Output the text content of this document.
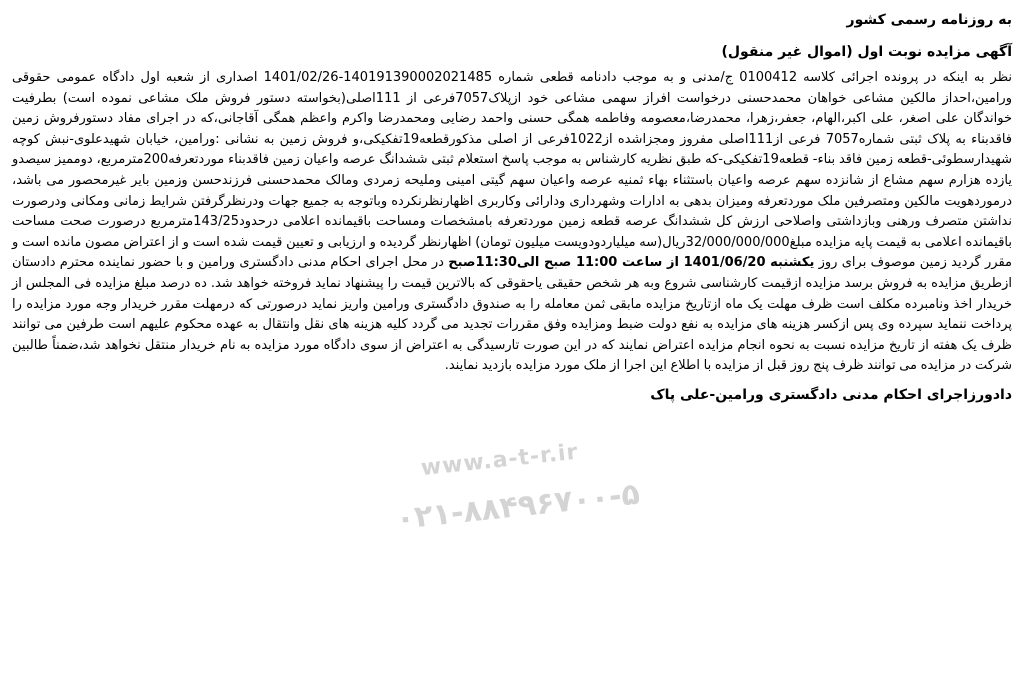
به روزنامه رسمی کشور
آگهی مزایده نوبت اول (اموال غیر منقول)
نظر به اینکه در پرونده اجرائی کلاسه 0100412 ج/مدنی و به موجب دادنامه قطعی شماره 140191390002021485-1401/02/26 اصداری از شعبه اول دادگاه عمومی حقوقی ورامین،احداز مالکین مشاعی خواهان محمدحسنی درخواست افراز سهمی مشاعی خود ازپلاک7057فرعی از 111اصلی(بخواسته دستور فروش ملک مشاعی نموده است) بطرفیت خواندگان علی اصغر، علی اکبر،الهام، جعفر،زهرا، محمدرضا،معصومه وفاطمه همگی حسنی واحمد رضایی ومحمدرضا واکرم واعظم همگی آقاجانی،که در اجرای مفاد دستورفروش زمین فاقدبناء به پلاک ثبتی شماره7057 فرعی از111اصلی مفروز ومجزاشده از1022فرعی از اصلی مذکورقطعه19تفکیکی،و فروش زمین به نشانی :ورامین، خیابان شهیدعلوی-نبش کوچه شهیدارسطوئی-قطعه زمین فاقد بناء- قطعه19تفکیکی-که طبق نظریه کارشناس به موجب پاسخ استعلام ثبتی ششدانگ عرصه واعیان زمین فاقدبناء موردتعرفه200مترمربع، دوممیز سیصدو یازده هزارم سهم مشاع از شانزده سهم عرصه واعیان باستثناء بهاء ثمنیه عرصه واعیان سهم گیتی امینی وملیحه زمردی ومالک محمدحسنی فرزندحسن وزمین بایر غیرمحصور می باشد، درموردهویت مالکین ومتصرفین ملک موردتعرفه ومیزان بدهی به ادارات وشهرداری ودارائی وکاربری اظهارنظرنکرده وباتوجه به جمیع جهات ودرنظرگرفتن شرایط زمانی ومکانی ودرصورت نداشتن متصرف ورهنی وبازداشتی واصلاحی ارزش کل ششدانگ عرصه قطعه زمین موردتعرفه بامشخصات ومساحت باقیمانده اعلامی درحدود143/25مترمربع درصورت صحت مساحت باقیمانده اعلامی به قیمت پایه مزایده مبلغ32/000/000/000ریال(سه میلیاردودویست میلیون تومان) اظهارنظر گردیده و ارزیابی و تعیین قیمت شده است و از اعتراض مصون مانده است و مقرر گردید زمین موصوف برای روز یکشنبه 1401/06/20 از ساعت 11:00 صبح الی11:30صبح در محل اجرای احکام مدنی دادگستری ورامین و با حضور نماینده محترم دادستان ازطریق مزایده به فروش برسد مزایده ازقیمت کارشناسی شروع وبه هر شخص حقیقی یاحقوقی که بالاترین قیمت را پیشنهاد نماید فروخته خواهد شد. ده درصد مبلغ مزایده فی المجلس از خریدار اخذ ونامبرده مکلف است ظرف مهلت یک ماه ازتاریخ مزایده مابقی ثمن معامله را به صندوق دادگستری ورامین واریز نماید درصورتی که درمهلت مقرر خریدار وجه مورد مزایده را پرداخت ننماید سپرده وی پس ازکسر هزینه های مزایده به نفع دولت ضبط ومزایده وفق مقررات تجدید می گردد کلیه هزینه های نقل وانتقال به عهده محکوم علیهم است طرفین می توانند ظرف یک هفته از تاریخ مزایده نسبت به نحوه انجام مزایده اعتراض نمایند که در این صورت تارسیدگی به اعتراض از سوی دادگاه مورد مزایده به نام خریدار منتقل نخواهد شد،ضمناً طالبین شرکت در مزایده می توانند ظرف پنج روز قبل از مزایده با اطلاع این اجرا از ملک مورد مزایده بازدید نمایند.
دادورزاجرای احکام مدنی دادگستری ورامین-علی پاک
www.a-t-r.ir
۰۲۱-۸۸۴۹۶۷۰۰-۵
